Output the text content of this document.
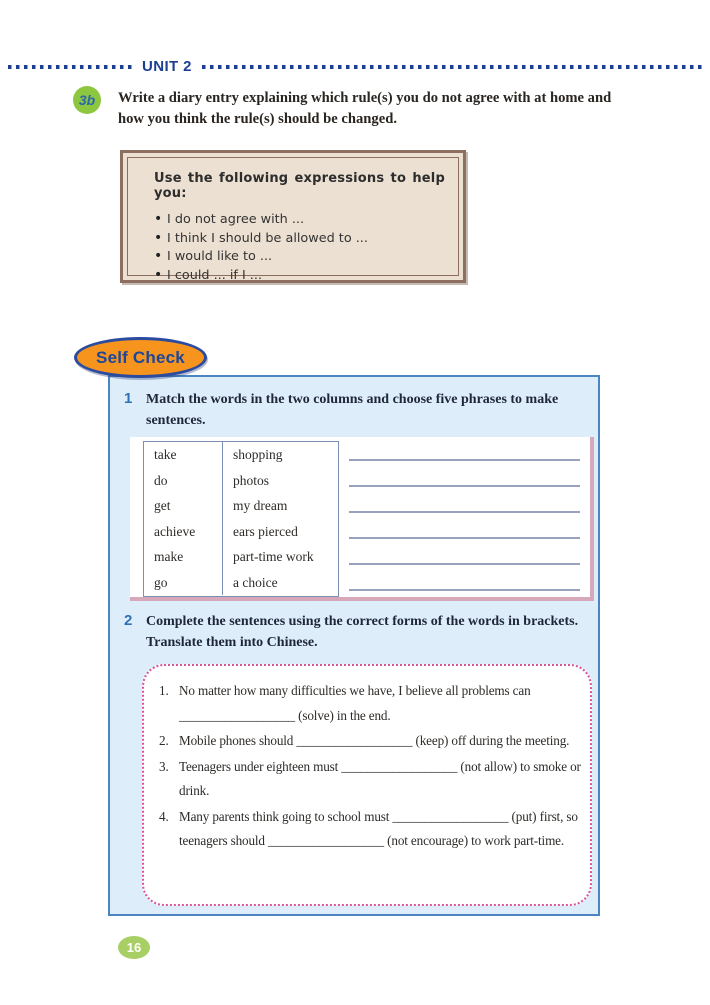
UNIT 2
3b	Write a diary entry explaining which rule(s) you do not agree with at home and how you think the rule(s) should be changed.

Use the following expressions to help you:

• I do not agree with ...
• I think I should be allowed to ...
• I would like to ...
• I could ... if I ...
Self Check
1 Match the words in the two columns and choose five phrases to make sentences.

take	shopping
do	photos
get	my dream
achieve	ears pierced
make	part-time work
go	a choice
2 Complete the sentences using the correct forms of the words in brackets. Translate them into Chinese.

1. No matter how many difficulties we have, I believe all problems can __________________ (solve) in the end.
2. Mobile phones should __________________ (keep) off during the meeting.
3. Teenagers under eighteen must __________________ (not allow) to smoke or drink.
4. Many parents think going to school must __________________ (put) first, so teenagers should __________________ (not encourage) to work part-time.
16
